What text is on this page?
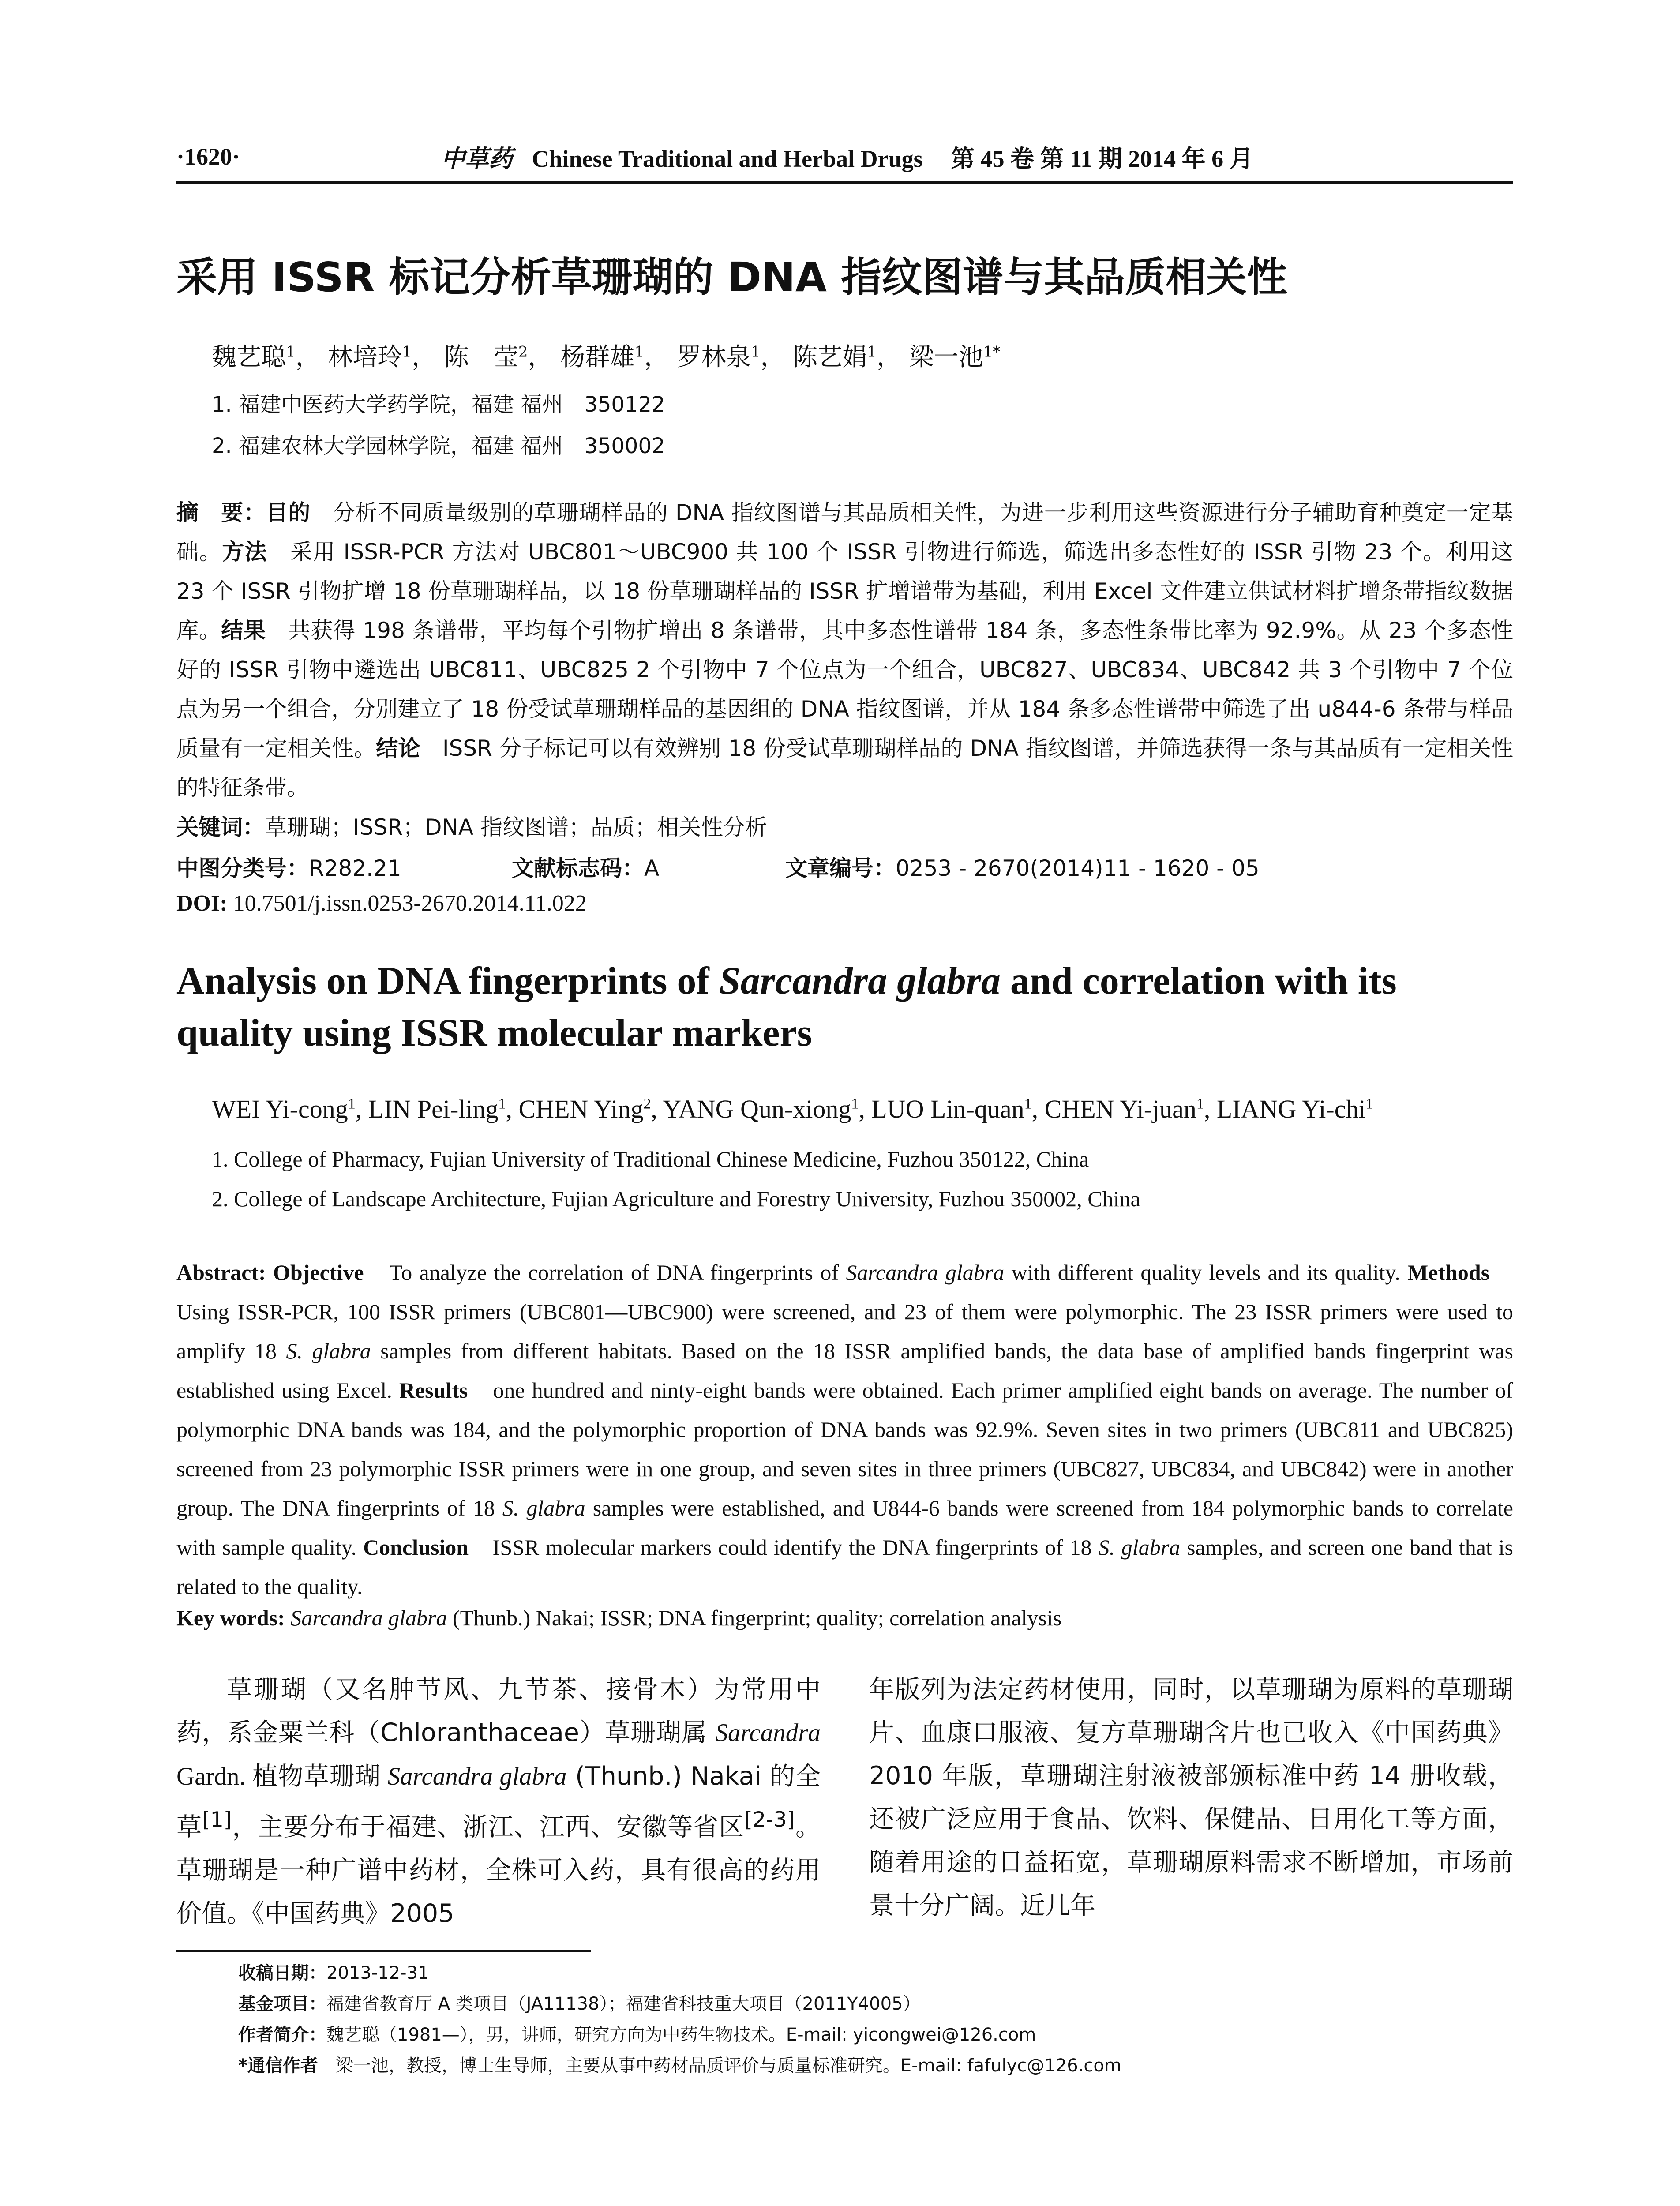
·1620·	中草药 Chinese Traditional and Herbal Drugs 第 45 卷 第 11 期 2014 年 6 月
采用 ISSR 标记分析草珊瑚的 DNA 指纹图谱与其品质相关性
魏艺聪$^1$， 林培玲$^1$， 陈　莹$^2$， 杨群雄$^1$， 罗林泉$^1$， 陈艺娟$^1$， 梁一池$^{1*}$
1. 福建中医药大学药学院，福建 福州　350122
2. 福建农林大学园林学院，福建 福州　350002
摘　要：目的　分析不同质量级别的草珊瑚样品的 DNA 指纹图谱与其品质相关性，为进一步利用这些资源进行分子辅助育种奠定一定基础。方法　采用 ISSR-PCR 方法对 UBC801～UBC900 共 100 个 ISSR 引物进行筛选，筛选出多态性好的 ISSR 引物 23 个。利用这 23 个 ISSR 引物扩增 18 份草珊瑚样品，以 18 份草珊瑚样品的 ISSR 扩增谱带为基础，利用 Excel 文件建立供试材料扩增条带指纹数据库。结果　共获得 198 条谱带，平均每个引物扩增出 8 条谱带，其中多态性谱带 184 条，多态性条带比率为 92.9%。从 23 个多态性好的 ISSR 引物中遴选出 UBC811、UBC825 2 个引物中 7 个位点为一个组合，UBC827、UBC834、UBC842 共 3 个引物中 7 个位点为另一个组合，分别建立了 18 份受试草珊瑚样品的基因组的 DNA 指纹图谱，并从 184 条多态性谱带中筛选了出 u844-6 条带与样品质量有一定相关性。结论　ISSR 分子标记可以有效辨别 18 份受试草珊瑚样品的 DNA 指纹图谱，并筛选获得一条与其品质有一定相关性的特征条带。
关键词：草珊瑚；ISSR；DNA 指纹图谱；品质；相关性分析
中图分类号：R282.21	文献标志码：A	文章编号：0253 - 2670(2014)11 - 1620 - 05
DOI: 10.7501/j.issn.0253-2670.2014.11.022
Analysis on DNA fingerprints of Sarcandra glabra and correlation with its quality using ISSR molecular markers
WEI Yi-cong$^1$, LIN Pei-ling$^1$, CHEN Ying$^2$, YANG Qun-xiong$^1$, LUO Lin-quan$^1$, CHEN Yi-juan$^1$, LIANG Yi-chi$^1$
1. College of Pharmacy, Fujian University of Traditional Chinese Medicine, Fuzhou 350122, China
2. College of Landscape Architecture, Fujian Agriculture and Forestry University, Fuzhou 350002, China
Abstract: Objective　To analyze the correlation of DNA fingerprints of Sarcandra glabra with different quality levels and its quality. Methods　Using ISSR-PCR, 100 ISSR primers (UBC801—UBC900) were screened, and 23 of them were polymorphic. The 23 ISSR primers were used to amplify 18 S. glabra samples from different habitats. Based on the 18 ISSR amplified bands, the data base of amplified bands fingerprint was established using Excel. Results　one hundred and ninty-eight bands were obtained. Each primer amplified eight bands on average. The number of polymorphic DNA bands was 184, and the polymorphic proportion of DNA bands was 92.9%. Seven sites in two primers (UBC811 and UBC825) screened from 23 polymorphic ISSR primers were in one group, and seven sites in three primers (UBC827, UBC834, and UBC842) were in another group. The DNA fingerprints of 18 S. glabra samples were established, and U844-6 bands were screened from 184 polymorphic bands to correlate with sample quality. Conclusion　ISSR molecular markers could identify the DNA fingerprints of 18 S. glabra samples, and screen one band that is related to the quality.
Key words: Sarcandra glabra (Thunb.) Nakai; ISSR; DNA fingerprint; quality; correlation analysis
草珊瑚（又名肿节风、九节茶、接骨木）为常用中药，系金粟兰科（Chloranthaceae）草珊瑚属 Sarcandra Gardn. 植物草珊瑚 Sarcandra glabra (Thunb.) Nakai 的全草[1]，主要分布于福建、浙江、江西、安徽等省区[2-3]。草珊瑚是一种广谱中药材，全株可入药，具有很高的药用价值。《中国药典》2005
年版列为法定药材使用，同时，以草珊瑚为原料的草珊瑚片、血康口服液、复方草珊瑚含片也已收入《中国药典》2010 年版，草珊瑚注射液被部颁标准中药 14 册收载，还被广泛应用于食品、饮料、保健品、日用化工等方面，随着用途的日益拓宽，草珊瑚原料需求不断增加，市场前景十分广阔。近几年
收稿日期：2013-12-31
基金项目：福建省教育厅 A 类项目（JA11138）；福建省科技重大项目（2011Y4005）
作者简介：魏艺聪（1981—），男，讲师，研究方向为中药生物技术。E-mail: yicongwei@126.com
*通信作者　梁一池，教授，博士生导师，主要从事中药材品质评价与质量标准研究。E-mail: fafulyc@126.com
